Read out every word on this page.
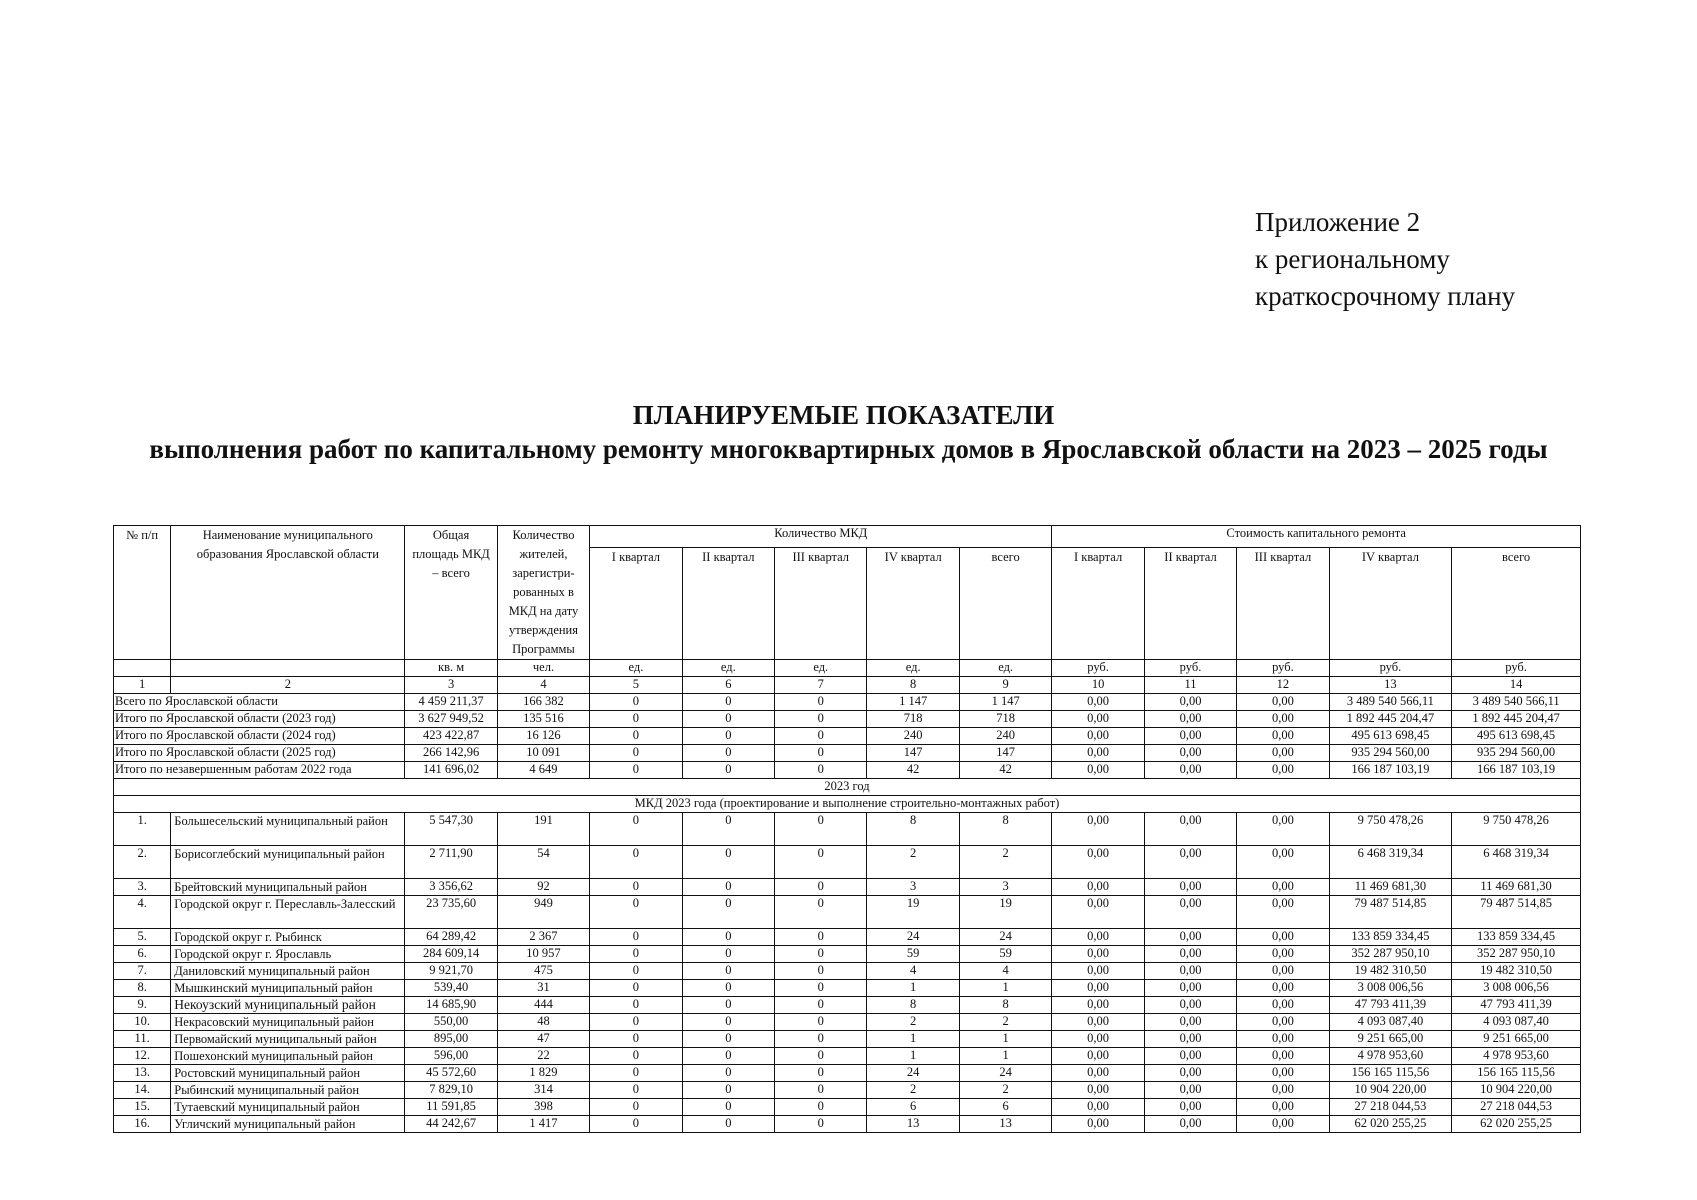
Приложение 2
к региональному
краткосрочному плану
ПЛАНИРУЕМЫЕ ПОКАЗАТЕЛИ
выполнения работ по капитальному ремонту многоквартирных домов в Ярославской области на 2023 – 2025 годы
№ п/п	Наименование муниципального образования Ярославской области	Общая площадь МКД – всего	Количество жителей, зарегистри-рованных в МКД на дату утверждения Программы	Количество МКД					Стоимость капитального ремонта				
				I квартал	II квартал	III квартал	IV квартал	всего	I квартал	II квартал	III квартал	IV квартал	всего
		кв. м	чел.	ед.	ед.	ед.	ед.	ед.	руб.	руб.	руб.	руб.	руб.
1	2	3	4	5	6	7	8	9	10	11	12	13	14
Всего по Ярославской области		4 459 211,37	166 382	0	0	0	1 147	1 147	0,00	0,00	0,00	3 489 540 566,11	3 489 540 566,11
Итого по Ярославской области (2023 год)		3 627 949,52	135 516	0	0	0	718	718	0,00	0,00	0,00	1 892 445 204,47	1 892 445 204,47
Итого по Ярославской области (2024 год)		423 422,87	16 126	0	0	0	240	240	0,00	0,00	0,00	495 613 698,45	495 613 698,45
Итого по Ярославской области (2025 год)		266 142,96	10 091	0	0	0	147	147	0,00	0,00	0,00	935 294 560,00	935 294 560,00
Итого по незавершенным работам 2022 года		141 696,02	4 649	0	0	0	42	42	0,00	0,00	0,00	166 187 103,19	166 187 103,19
2023 год													
МКД 2023 года (проектирование и выполнение строительно-монтажных работ)													
1.	Большесельский муниципальный район	5 547,30	191	0	0	0	8	8	0,00	0,00	0,00	9 750 478,26	9 750 478,26
2.	Борисоглебский муниципальный район	2 711,90	54	0	0	0	2	2	0,00	0,00	0,00	6 468 319,34	6 468 319,34
3.	Брейтовский муниципальный район	3 356,62	92	0	0	0	3	3	0,00	0,00	0,00	11 469 681,30	11 469 681,30
4.	Городской округ г. Переславль-Залесский	23 735,60	949	0	0	0	19	19	0,00	0,00	0,00	79 487 514,85	79 487 514,85
5.	Городской округ г. Рыбинск	64 289,42	2 367	0	0	0	24	24	0,00	0,00	0,00	133 859 334,45	133 859 334,45
6.	Городской округ г. Ярославль	284 609,14	10 957	0	0	0	59	59	0,00	0,00	0,00	352 287 950,10	352 287 950,10
7.	Даниловский муниципальный район	9 921,70	475	0	0	0	4	4	0,00	0,00	0,00	19 482 310,50	19 482 310,50
8.	Мышкинский муниципальный район	539,40	31	0	0	0	1	1	0,00	0,00	0,00	3 008 006,56	3 008 006,56
9.	Некоузский муниципальный район	14 685,90	444	0	0	0	8	8	0,00	0,00	0,00	47 793 411,39	47 793 411,39
10.	Некрасовский муниципальный район	550,00	48	0	0	0	2	2	0,00	0,00	0,00	4 093 087,40	4 093 087,40
11.	Первомайский муниципальный район	895,00	47	0	0	0	1	1	0,00	0,00	0,00	9 251 665,00	9 251 665,00
12.	Пошехонский муниципальный район	596,00	22	0	0	0	1	1	0,00	0,00	0,00	4 978 953,60	4 978 953,60
13.	Ростовский муниципальный район	45 572,60	1 829	0	0	0	24	24	0,00	0,00	0,00	156 165 115,56	156 165 115,56
14.	Рыбинский муниципальный район	7 829,10	314	0	0	0	2	2	0,00	0,00	0,00	10 904 220,00	10 904 220,00
15.	Тутаевский муниципальный район	11 591,85	398	0	0	0	6	6	0,00	0,00	0,00	27 218 044,53	27 218 044,53
16.	Угличский муниципальный район	44 242,67	1 417	0	0	0	13	13	0,00	0,00	0,00	62 020 255,25	62 020 255,25
